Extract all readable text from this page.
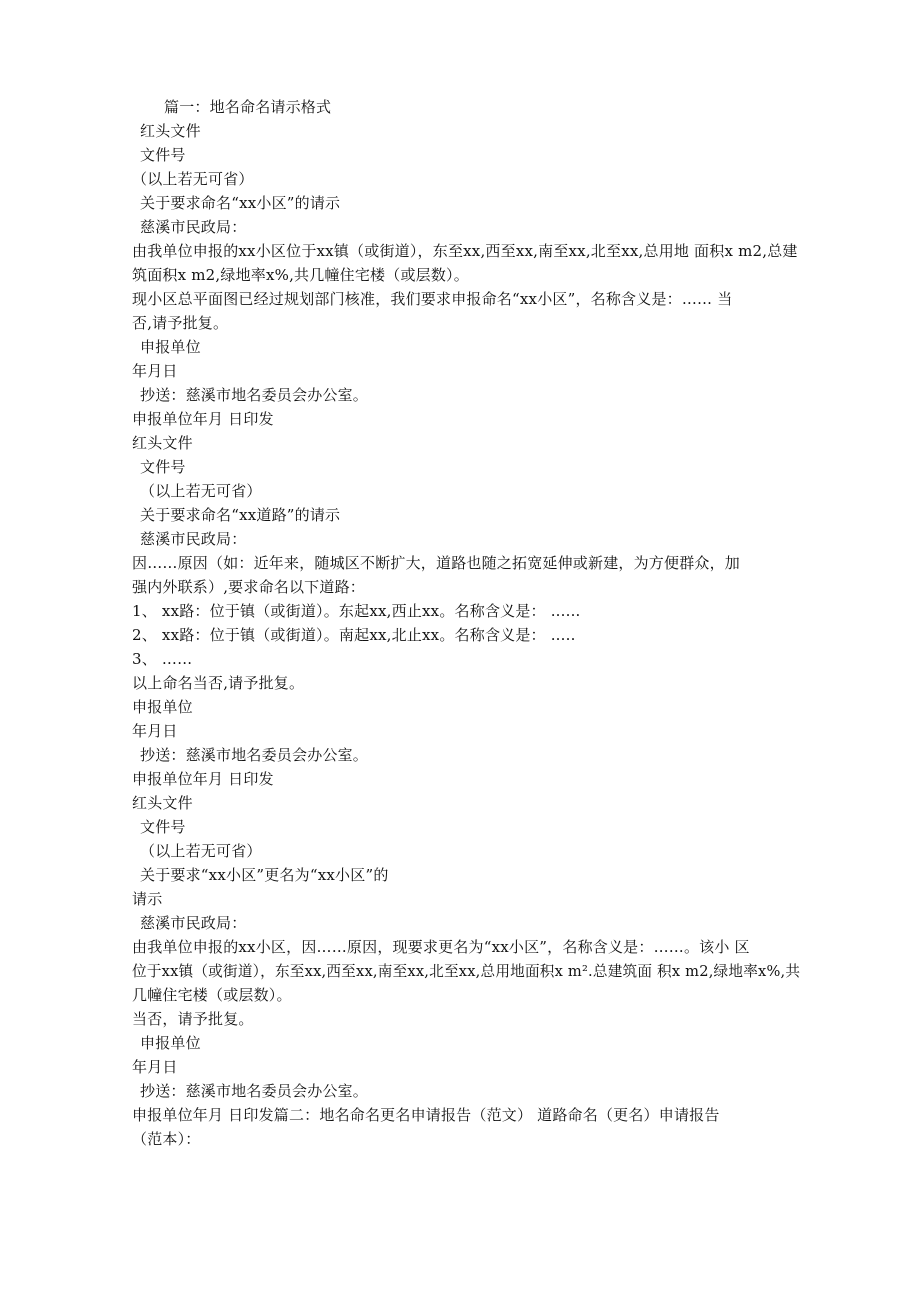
篇一：地名命名请示格式
红头文件
文件号
（以上若无可省）
关于要求命名“xx小区”的请示
慈溪市民政局：
由我单位申报的xx小区位于xx镇（或街道），东至xx,西至xx,南至xx,北至xx,总用地 面积x m2,总建
筑面积x m2,绿地率x%,共几幢住宅楼（或层数）。
现小区总平面图已经过规划部门核准，我们要求申报命名“xx小区”，名称含义是：…… 当
否,请予批复。
申报单位
年月日
抄送：慈溪市地名委员会办公室。
申报单位年月 日印发
红头文件
文件号
（以上若无可省）
关于要求命名“xx道路”的请示
慈溪市民政局：
因……原因（如：近年来，随城区不断扩大，道路也随之拓宽延伸或新建，为方便群众，加
强内外联系）,要求命名以下道路：
1、 xx路：位于镇（或街道）。东起xx,西止xx。名称含义是： ......
2、 xx路：位于镇（或街道）。南起xx,北止xx。名称含义是： .....
3、 ……
以上命名当否,请予批复。
申报单位
年月日
抄送：慈溪市地名委员会办公室。
申报单位年月 日印发
红头文件
文件号
（以上若无可省）
关于要求“xx小区”更名为“xx小区”的
请示
慈溪市民政局：
由我单位申报的xx小区，因……原因，现要求更名为“xx小区”，名称含义是：……。该小 区
位于xx镇（或街道），东至xx,西至xx,南至xx,北至xx,总用地面积x m².总建筑面 积x m2,绿地率x%,共
几幢住宅楼（或层数）。
当否，请予批复。
申报单位
年月日
抄送：慈溪市地名委员会办公室。
申报单位年月 日印发篇二：地名命名更名申请报告（范文） 道路命名（更名）申请报告
（范本）：
